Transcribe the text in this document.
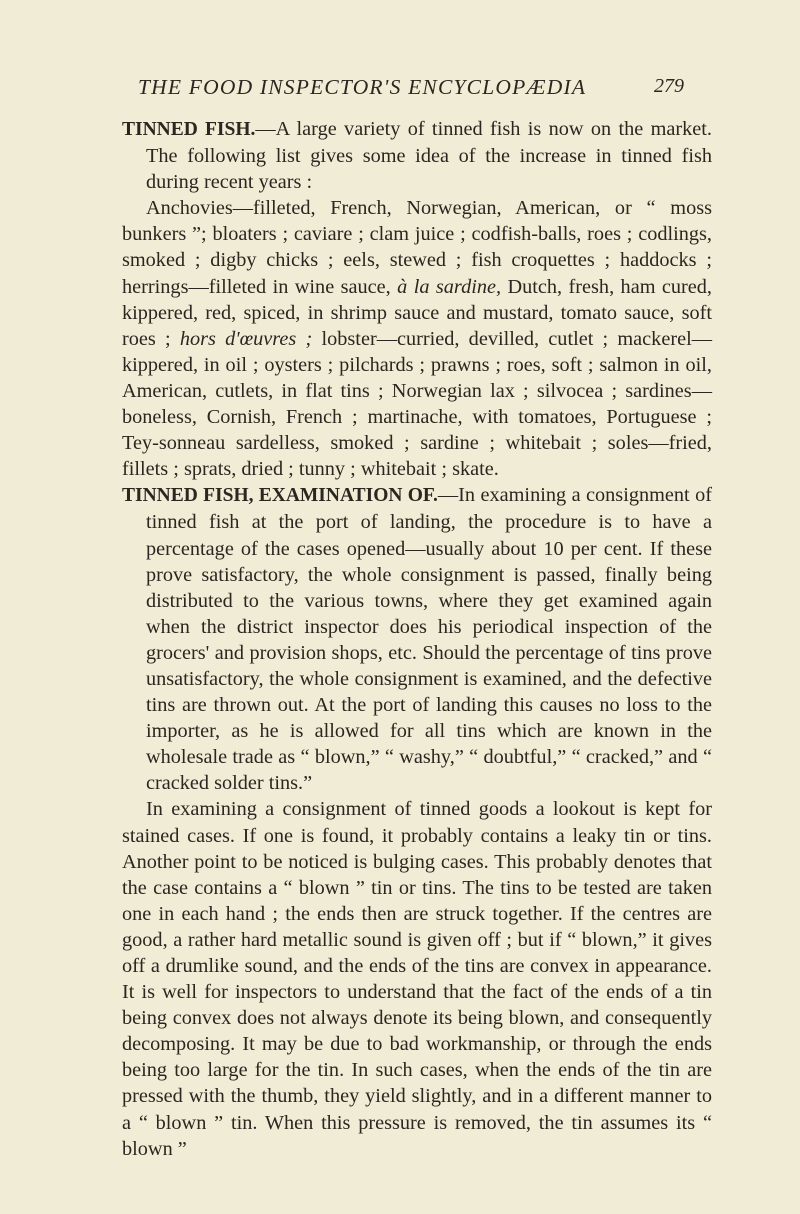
THE FOOD INSPECTOR'S ENCYCLOPÆDIA	279

TINNED FISH.—A large variety of tinned fish is now on the market. The following list gives some idea of the increase in tinned fish during recent years :

Anchovies—filleted, French, Norwegian, American, or “ moss bunkers ”; bloaters ; caviare ; clam juice ; codfish-balls, roes ; codlings, smoked ; digby chicks ; eels, stewed ; fish croquettes ; haddocks ; herrings—filleted in wine sauce, à la sardine, Dutch, fresh, ham cured, kippered, red, spiced, in shrimp sauce and mustard, tomato sauce, soft roes ; hors d'œuvres ; lobster—curried, devilled, cutlet ; mackerel—kippered, in oil ; oysters ; pilchards ; prawns ; roes, soft ; salmon in oil, American, cutlets, in flat tins ; Norwegian lax ; silvocea ; sardines—boneless, Cornish, French ; martinache, with tomatoes, Portuguese ; Tey-sonneau sardelless, smoked ; sardine ; whitebait ; soles—fried, fillets ; sprats, dried ; tunny ; whitebait ; skate.

TINNED FISH, EXAMINATION OF.—In examining a consignment of tinned fish at the port of landing, the procedure is to have a percentage of the cases opened—usually about 10 per cent. If these prove satisfactory, the whole consignment is passed, finally being distributed to the various towns, where they get examined again when the district inspector does his periodical inspection of the grocers' and provision shops, etc. Should the percentage of tins prove unsatisfactory, the whole consignment is examined, and the defective tins are thrown out. At the port of landing this causes no loss to the importer, as he is allowed for all tins which are known in the wholesale trade as “ blown,” “ washy,” “ doubtful,” “ cracked,” and “ cracked solder tins.”

In examining a consignment of tinned goods a lookout is kept for stained cases. If one is found, it probably contains a leaky tin or tins. Another point to be noticed is bulging cases. This probably denotes that the case contains a “ blown ” tin or tins. The tins to be tested are taken one in each hand ; the ends then are struck together. If the centres are good, a rather hard metallic sound is given off ; but if “ blown,” it gives off a drumlike sound, and the ends of the tins are convex in appearance. It is well for inspectors to understand that the fact of the ends of a tin being convex does not always denote its being blown, and consequently decomposing. It may be due to bad workmanship, or through the ends being too large for the tin. In such cases, when the ends of the tin are pressed with the thumb, they yield slightly, and in a different manner to a “ blown ” tin. When this pressure is removed, the tin assumes its “ blown ”
